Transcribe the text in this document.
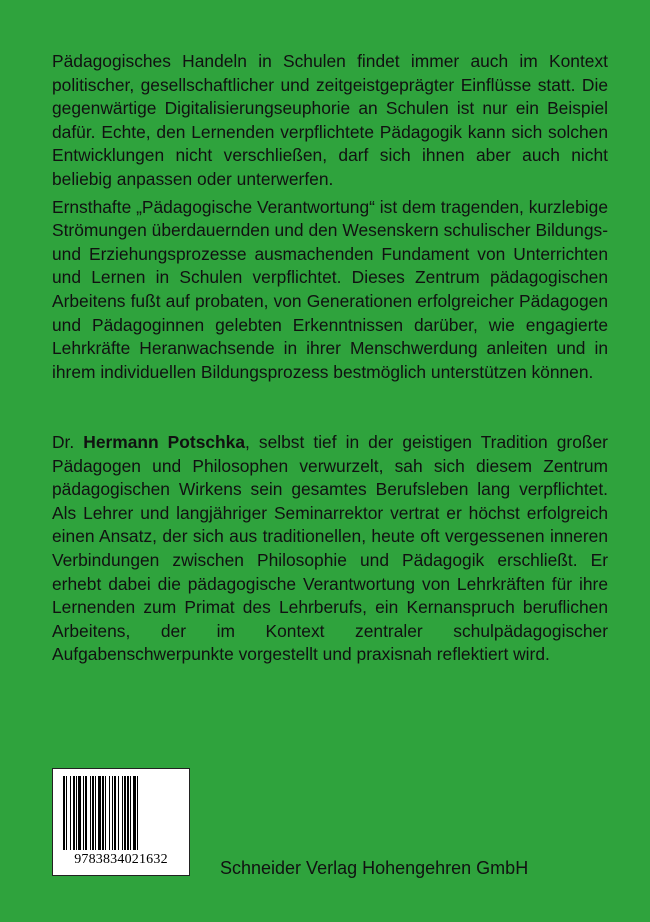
Pädagogisches Handeln in Schulen findet immer auch im Kontext politischer, gesellschaftlicher und zeitgeistgeprägter Einflüsse statt. Die gegenwärtige Digitalisierungseuphorie an Schulen ist nur ein Beispiel dafür. Echte, den Lernenden verpflichtete Pädagogik kann sich solchen Entwicklungen nicht verschließen, darf sich ihnen aber auch nicht beliebig anpassen oder unterwerfen.

Ernsthafte „Pädagogische Verantwortung“ ist dem tragenden, kurzlebige Strömungen überdauernden und den Wesenskern schulischer Bildungs- und Erziehungsprozesse ausmachenden Fundament von Unterrichten und Lernen in Schulen verpflichtet. Dieses Zentrum pädagogischen Arbeitens fußt auf probaten, von Generationen erfolgreicher Pädagogen und Pädagoginnen gelebten Erkenntnissen darüber, wie engagierte Lehrkräfte Heranwachsende in ihrer Menschwerdung anleiten und in ihrem individuellen Bildungsprozess bestmöglich unterstützen können.

Dr. Hermann Potschka, selbst tief in der geistigen Tradition großer Pädagogen und Philosophen verwurzelt, sah sich diesem Zentrum pädagogischen Wirkens sein gesamtes Berufsleben lang verpflichtet. Als Lehrer und langjähriger Seminarrektor vertrat er höchst erfolgreich einen Ansatz, der sich aus traditionellen, heute oft vergessenen inneren Verbindungen zwischen Philosophie und Pädagogik erschließt. Er erhebt dabei die pädagogische Verantwortung von Lehrkräften für ihre Lernenden zum Primat des Lehrberufs, ein Kernanspruch beruflichen Arbeitens, der im Kontext zentraler schulpädagogischer Aufgabenschwerpunkte vorgestellt und praxisnah reflektiert wird.

9783834021632	Schneider Verlag Hohengehren GmbH
